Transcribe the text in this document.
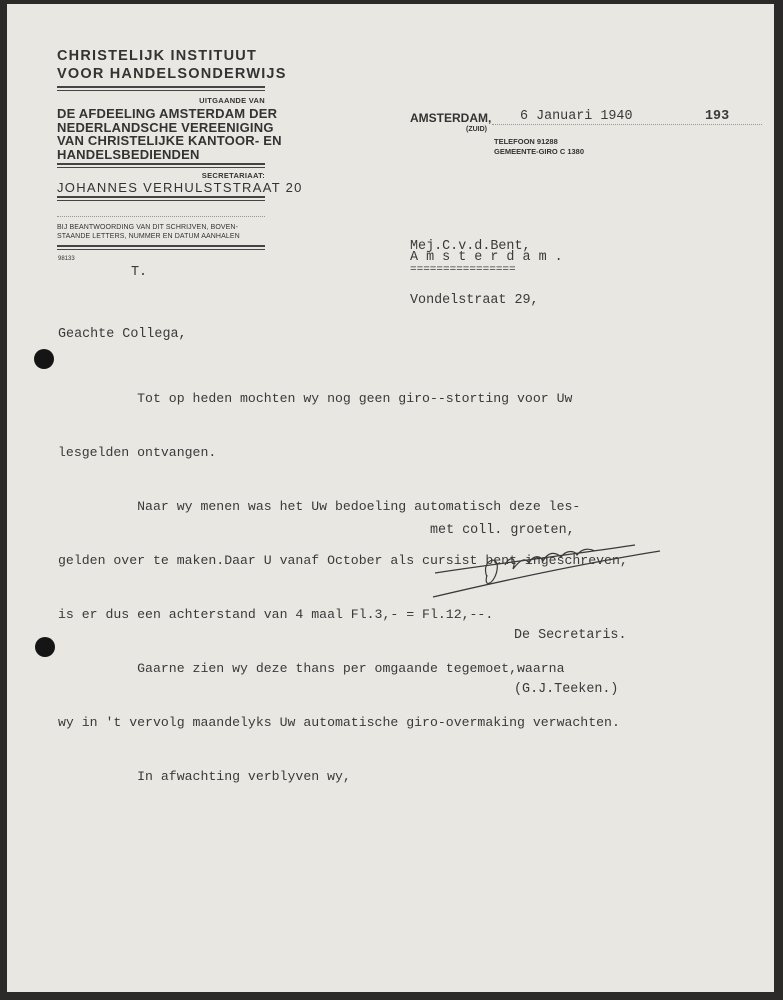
CHRISTELIJK INSTITUUT
VOOR HANDELSONDERWIJS
UITGAANDE VAN
DE AFDEELING AMSTERDAM DER
NEDERLANDSCHE VEREENIGING
VAN CHRISTELIJKE KANTOOR- EN
HANDELSBEDIENDEN
SECRETARIAAT:
JOHANNES VERHULSTSTRAAT 20
BIJ BEANTWOORDING VAN DIT SCHRIJVEN, BOVEN-
STAANDE LETTERS, NUMMER EN DATUM AANHALEN
98133
T.
AMSTERDAM, 6 Januari 1940	193
(ZUID)
TELEFOON 91288
GEMEENTE-GIRO C 1380

Mej.C.v.d.Bent,

Vondelstraat 29,

A m s t e r d a m .
================
Geachte Collega,

Tot op heden mochten wy nog geen giro--storting voor Uw

lesgelden ontvangen.

Naar wy menen was het Uw bedoeling automatisch deze les-

gelden over te maken.Daar U vanaf October als cursist bent ingeschreven,

is er dus een achterstand van 4 maal Fl.3,- = Fl.12,--.

Gaarne zien wy deze thans per omgaande tegemoet,waarna

wy in 't vervolg maandelyks Uw automatische giro-overmaking verwachten.

In afwachting verblyven wy,

met coll. groeten,

De Secretaris.

(G.J.Teeken.)
